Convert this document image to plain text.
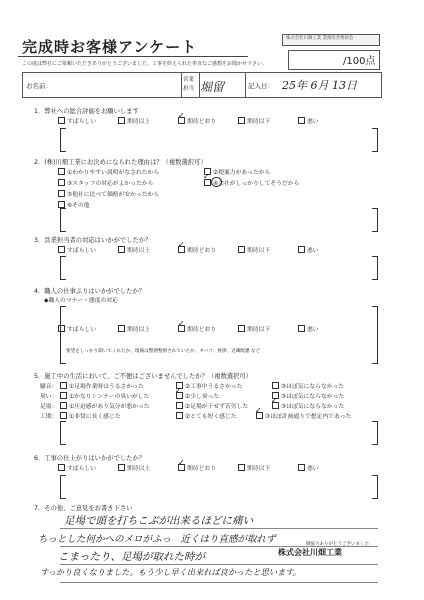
完成時お客様アンケート
この度は弊社にご依頼いただきありがとうございました。工事を終えられた率直なご感想をお聞かせ下さい。
株式会社川畑工業 業務改善委員会
/100点
お名前：
営業
担当 堀留	記入日： 25年 6月 13日
1．弊社への総合評価をお願いします
すばらしい	期待以上	期待どおり	期待以下	悪い
✓
2．(株)川畑工業にお決めになられた理由は？（複数選択可）
①わかりやすい説明がなされたから	②提案力があったから
③スタッフの対応がよかったから	④会社がしっかりしてそうだから
⑤他社に比べて価格が安かったから
⑥その他
✓
3．営業担当者の対応はいかがでしたか？
すばらしい	期待以上	期待どおり	期待以下	悪い
✓
4．職人の仕事ぶりはいかがでしたか？
◆職人のマナー・態度の対応
すばらしい	期待以上	期待どおり	期待以下	悪い
✓
要望をしっかり聞いてくれたか、現場は整理整頓されていたか、タバコ、挨拶、近隣配慮 など
5．施工中の生活において、ご不便はございませんでしたか？（複数選択可）
騒音：	①足場作業時はうるさかった	②工事中うるさかった	③ほぼ気にならなかった
臭い：	①かなりシンナーの臭いがした	②少し臭った	③ほぼ気にならなかった
足場：	①圧迫感があり気分が悪かった	②足場が干せず苦労した	③ほぼ気にならなかった
工期：	①非常に長く感じた	②とても短く感じた	③ほぼ計画通りで想定内であった
✓
✓
✓
6．工事の仕上がりはいかがでしたか？
すばらしい	期待以上	期待どおり	期待以下	悪い
✓
7．その他、ご意見をお書き下さい
足場で頭を打ちこぶが出来るほどに痛い
ちっとした何かへのメロがふっ　近くはり直感が取れず
こまったり、足場が取れた時が
すっかり良くなりました。もう少し早く出来れば良かったと思います。
御協力ありがとうございました
株式会社川畑工業
